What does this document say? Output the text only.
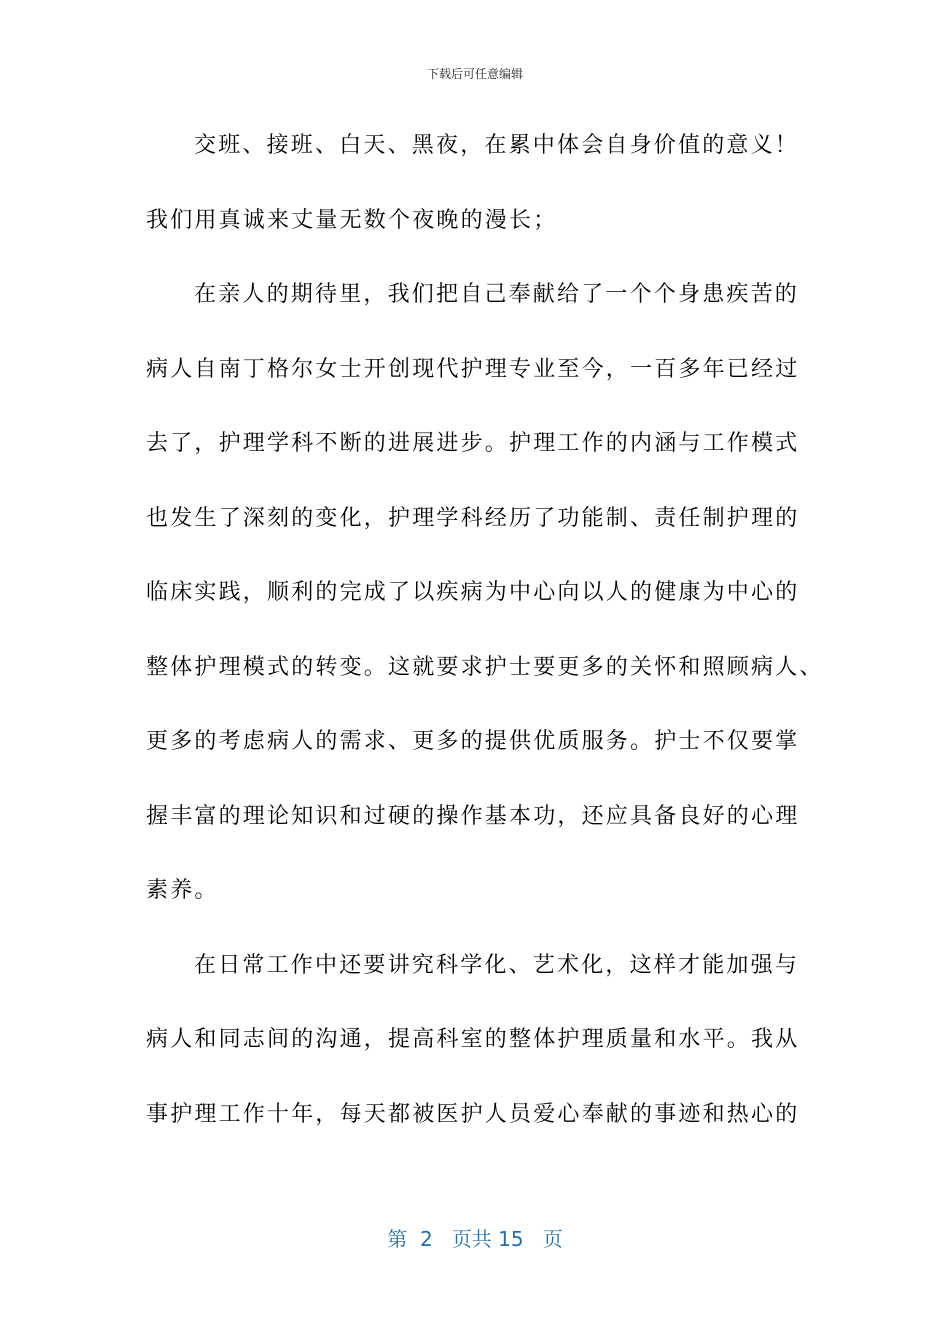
下载后可任意编辑
交班、接班、白天、黑夜，在累中体会自身价值的意义！
我们用真诚来丈量无数个夜晚的漫长；
在亲人的期待里，我们把自己奉献给了一个个身患疾苦的
病人自南丁格尔女士开创现代护理专业至今，一百多年已经过
去了，护理学科不断的进展进步。护理工作的内涵与工作模式
也发生了深刻的变化，护理学科经历了功能制、责任制护理的
临床实践，顺利的完成了以疾病为中心向以人的健康为中心的
整体护理模式的转变。这就要求护士要更多的关怀和照顾病人、
更多的考虑病人的需求、更多的提供优质服务。护士不仅要掌
握丰富的理论知识和过硬的操作基本功，还应具备良好的心理
素养。
在日常工作中还要讲究科学化、艺术化，这样才能加强与
病人和同志间的沟通，提高科室的整体护理质量和水平。我从
事护理工作十年，每天都被医护人员爱心奉献的事迹和热心的
第 2 页共 15 页
